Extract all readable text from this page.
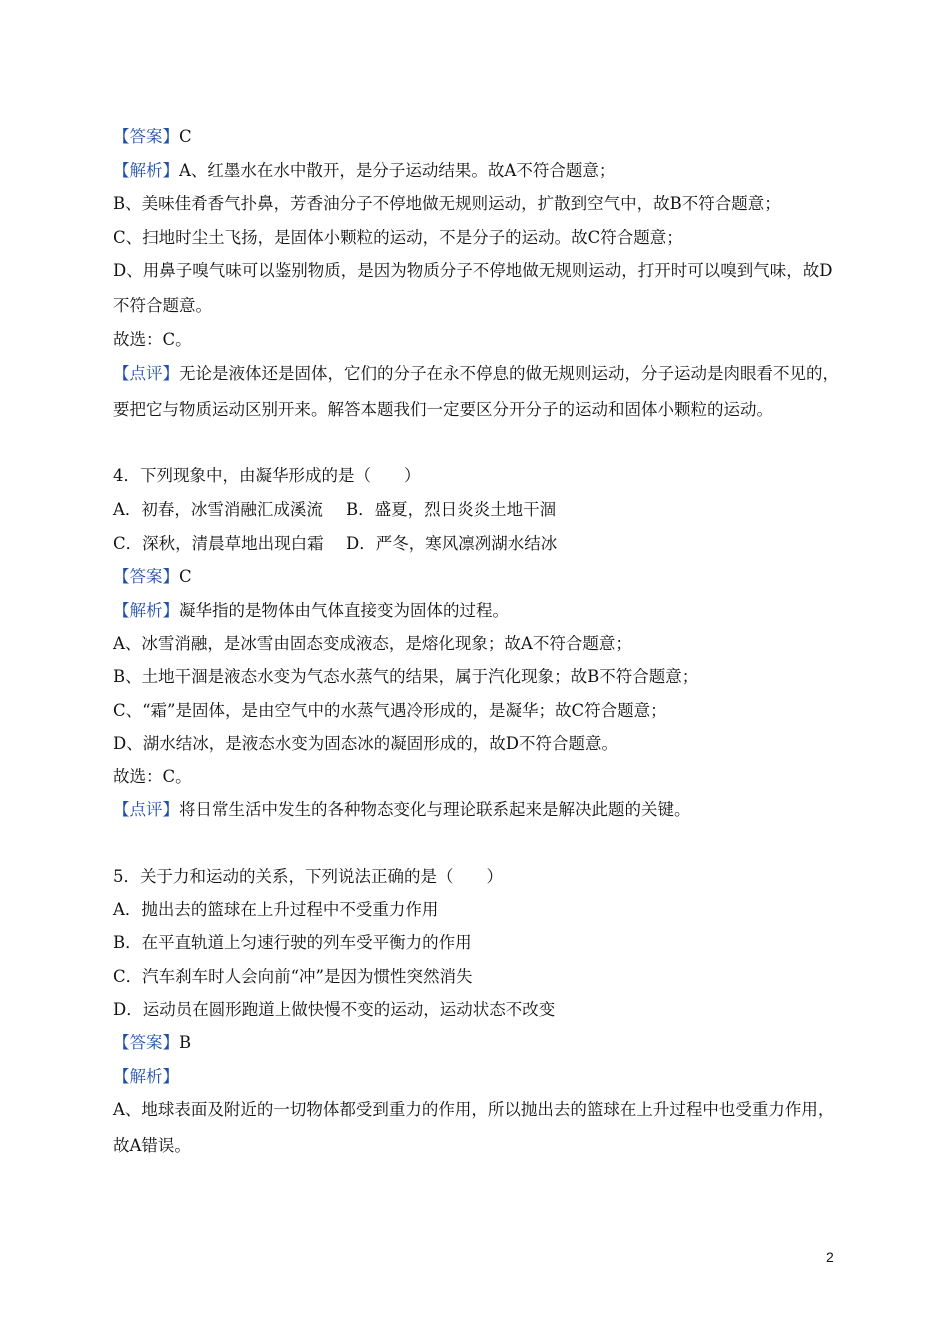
【答案】C
【解析】A、红墨水在水中散开，是分子运动结果。故A不符合题意；
B、美味佳肴香气扑鼻，芳香油分子不停地做无规则运动，扩散到空气中，故B不符合题意；
C、扫地时尘土飞扬，是固体小颗粒的运动，不是分子的运动。故C符合题意；
D、用鼻子嗅气味可以鉴别物质，是因为物质分子不停地做无规则运动，打开时可以嗅到气味，故D
不符合题意。
故选：C。
【点评】无论是液体还是固体，它们的分子在永不停息的做无规则运动，分子运动是肉眼看不见的，
要把它与物质运动区别开来。解答本题我们一定要区分开分子的运动和固体小颗粒的运动。
4．下列现象中，由凝华形成的是（　　）
A．初春，冰雪消融汇成溪流 B．盛夏，烈日炎炎土地干涸
C．深秋，清晨草地出现白霜 D．严冬，寒风凛冽湖水结冰
【答案】C
【解析】凝华指的是物体由气体直接变为固体的过程。
A、冰雪消融，是冰雪由固态变成液态，是熔化现象；故A不符合题意；
B、土地干涸是液态水变为气态水蒸气的结果，属于汽化现象；故B不符合题意；
C、“霜”是固体，是由空气中的水蒸气遇冷形成的，是凝华；故C符合题意；
D、湖水结冰，是液态水变为固态冰的凝固形成的，故D不符合题意。
故选：C。
【点评】将日常生活中发生的各种物态变化与理论联系起来是解决此题的关键。
5．关于力和运动的关系，下列说法正确的是（　　）
A．抛出去的篮球在上升过程中不受重力作用
B．在平直轨道上匀速行驶的列车受平衡力的作用
C．汽车刹车时人会向前“冲”是因为惯性突然消失
D．运动员在圆形跑道上做快慢不变的运动，运动状态不改变
【答案】B
【解析】
A、地球表面及附近的一切物体都受到重力的作用，所以抛出去的篮球在上升过程中也受重力作用，
故A错误。
2
